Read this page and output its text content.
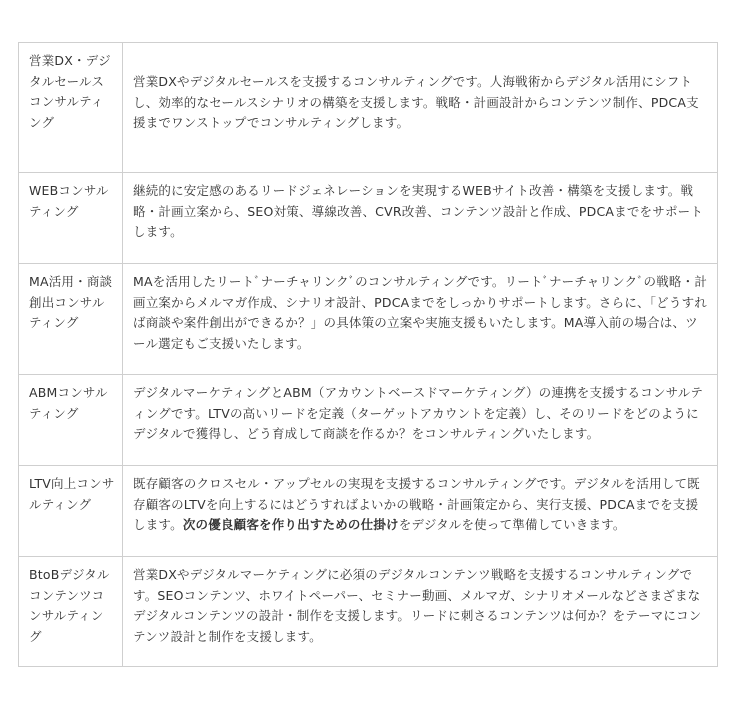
営業DX・デジタルセールスコンサルティング	営業DXやデジタルセールスを支援するコンサルティングです。人海戦術からデジタル活用にシフトし、効率的なセールスシナリオの構築を支援します。戦略・計画設計からコンテンツ制作、PDCA支援までワンストップでコンサルティングします。
WEBコンサルティング	継続的に安定感のあるリードジェネレーションを実現するWEBサイト改善・構築を支援します。戦略・計画立案から、SEO対策、導線改善、CVR改善、コンテンツ設計と作成、PDCAまでをサポートします。
MA活用・商談創出コンサルティング	MAを活用したリートﾞナーチャリンクﾞのコンサルティングです。リートﾞナーチャリンクﾞの戦略・計画立案からメルマガ作成、シナリオ設計、PDCAまでをしっかりサポートします。さらに、「どうすれば商談や案件創出ができるか？」の具体策の立案や実施支援もいたします。MA導入前の場合は、ツール選定もご支援いたします。
ABMコンサルティング	デジタルマーケティングとABM（アカウントベースドマーケティング）の連携を支援するコンサルティングです。LTVの高いリードを定義（ターゲットアカウントを定義）し、そのリードをどのようにデジタルで獲得し、どう育成して商談を作るか？をコンサルティングいたします。
LTV向上コンサルティング	既存顧客のクロスセル・アップセルの実現を支援するコンサルティングです。デジタルを活用して既存顧客のLTVを向上するにはどうすればよいかの戦略・計画策定から、実行支援、PDCAまでを支援します。次の優良顧客を作り出すための仕掛けをデジタルを使って準備していきます。
BtoBデジタルコンテンツコンサルティング	営業DXやデジタルマーケティングに必須のデジタルコンテンツ戦略を支援するコンサルティングです。SEOコンテンツ、ホワイトペーパー、セミナー動画、メルマガ、シナリオメールなどさまざまなデジタルコンテンツの設計・制作を支援します。リードに刺さるコンテンツは何か？をテーマにコンテンツ設計と制作を支援します。
